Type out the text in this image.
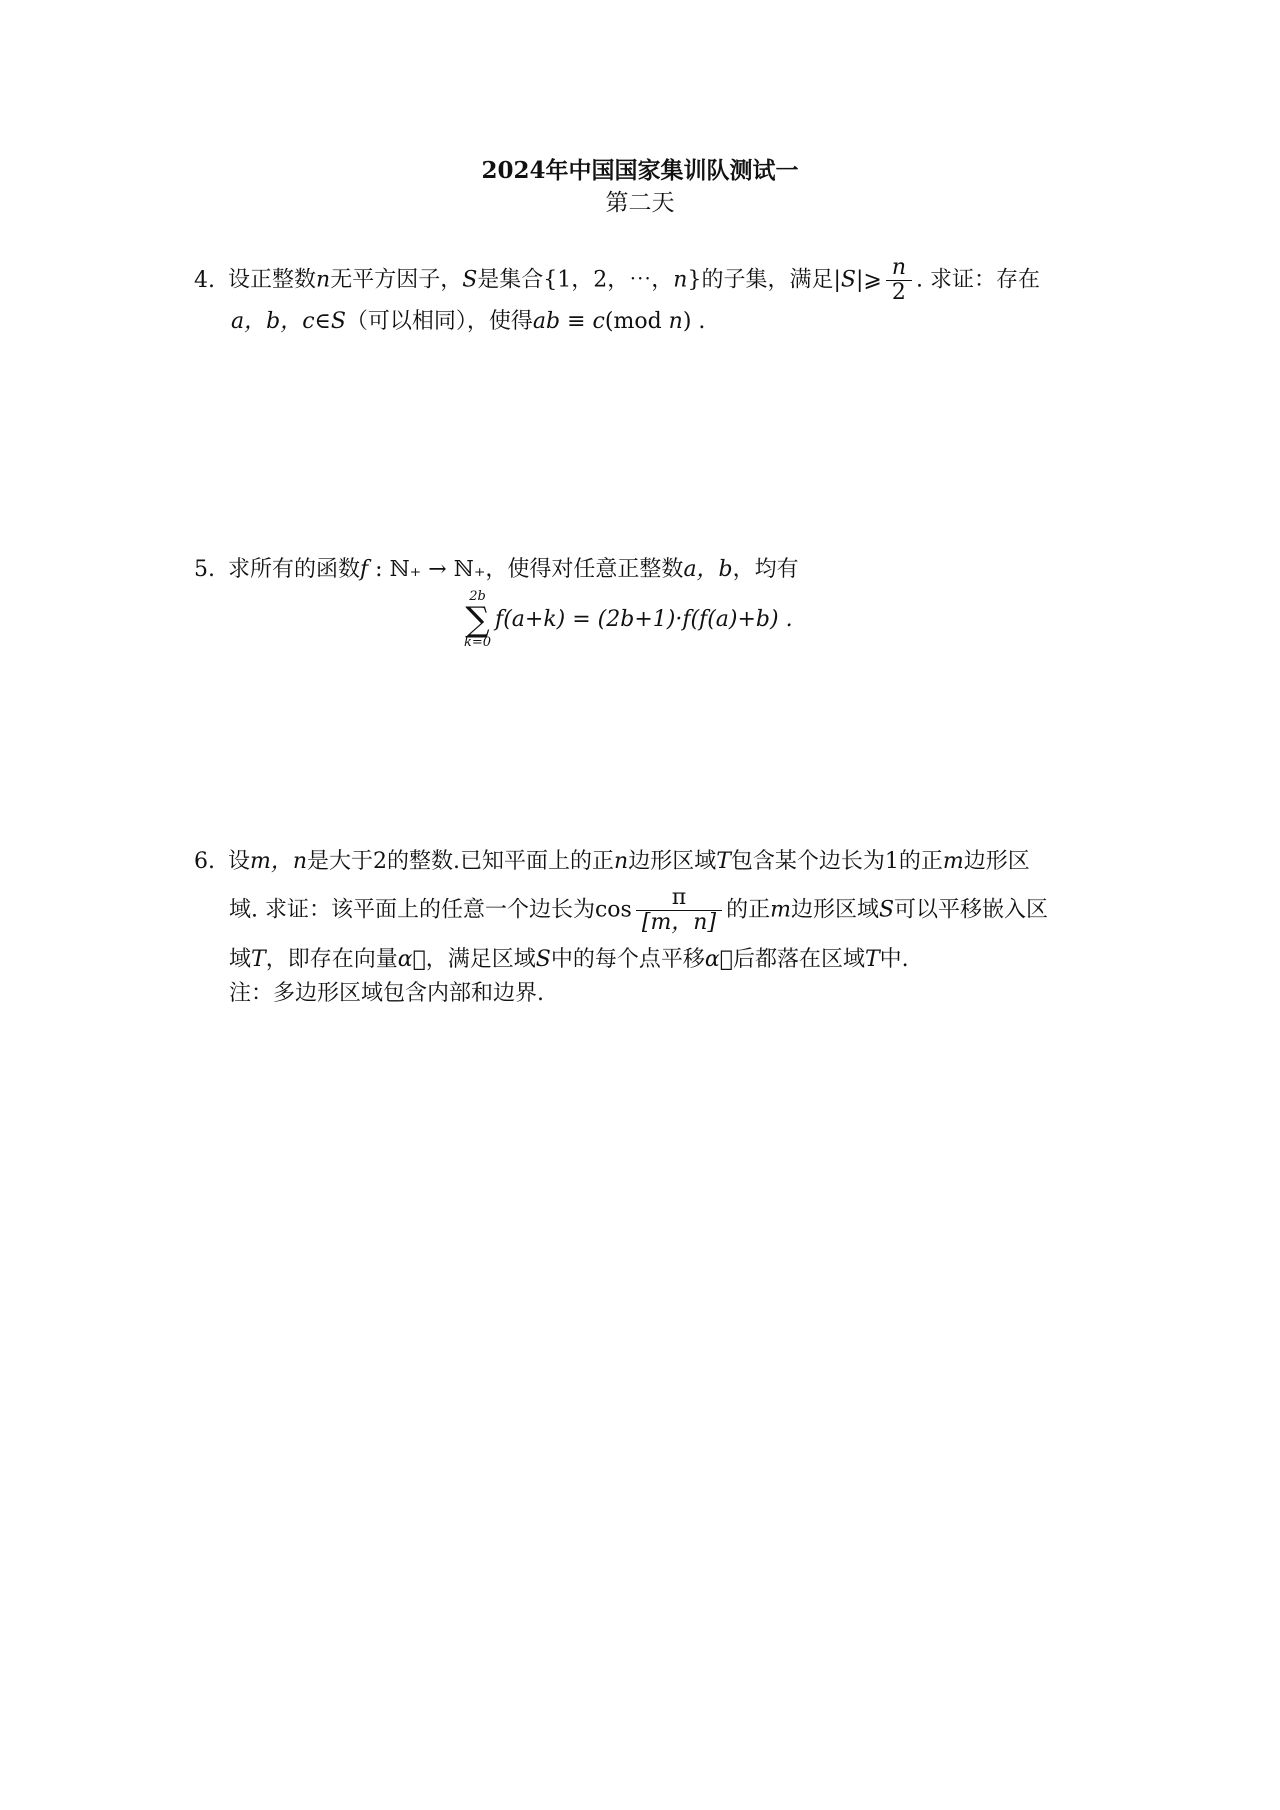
2024年中国国家集训队测试一
第二天
4. 设正整数n无平方因子，S是集合{1，2，⋯，n}的子集，满足|S|⩾ $\frac{n}{2}$ . 求证：存在
a，b，c∈S（可以相同），使得ab ≡ c(mod n) .
5. 求所有的函数f : ℕ₊ → ℕ₊，使得对任意正整数a，b，均有
2b
∑
k=0
f(a+k) = (2b+1)·f(f(a)+b) .
6. 设m，n是大于2的整数.已知平面上的正n边形区域T包含某个边长为1的正m边形区
域. 求证：该平面上的任意一个边长为$\cos \frac{\pi}{[m,n]}$ 的正m边形区域S可以平移嵌入区
域T，即存在向量α⃗，满足区域S中的每个点平移α⃗后都落在区域T中.
注：多边形区域包含内部和边界.
